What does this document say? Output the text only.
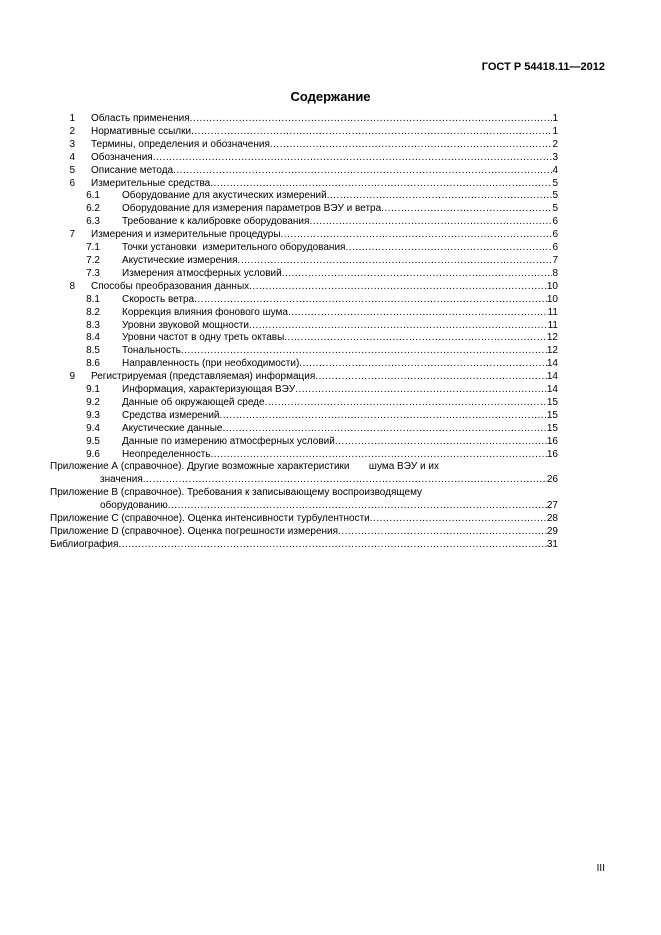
ГОСТ Р 54418.11—2012
Содержание
1	Область применения .....	1
2	Нормативные ссылки .....	1
3	Термины, определения и обозначения .....	2
4	Обозначения .....	3
5	Описание метода .....	4
6	Измерительные средства .....	5
6.1	Оборудование для акустических измерений .....	5
6.2	Оборудование для измерения параметров ВЭУ и ветра .....	5
6.3	Требование к калибровке оборудования .....	6
7	Измерения и измерительные процедуры .....	6
7.1	Точки установки  измерительного оборудования .....	6
7.2	Акустические измерения .....	7
7.3	Измерения атмосферных условий .....	8
8	Способы преобразования данных .....	10
8.1	Скорость ветра .....	10
8.2	Коррекция влияния фонового шума .....	11
8.3	Уровни звуковой мощности .....	11
8.4	Уровни частот в одну треть октавы .....	12
8.5	Тональность .....	12
8.6	Направленность (при необходимости) .....	14
9	Регистрируемая (представляемая) информация .....	14
9.1	Информация, характеризующая ВЭУ .....	14
9.2	Данные об окружающей среде .....	15
9.3	Средства измерений .....	15
9.4	Акустические данные .....	15
9.5	Данные по измерению атмосферных условий .....	16
9.6	Неопределенность .....	16
Приложение А (справочное). Другие возможные характеристики       шума ВЭУ и их
значения .....	26
Приложение В (справочное). Требования к записывающему воспроизводящему
оборудованию .....	27
Приложение С (справочное). Оценка интенсивности турбулентности .....	28
Приложение D (справочное). Оценка погрешности измерения .....	29
Библиография .....	31
III
